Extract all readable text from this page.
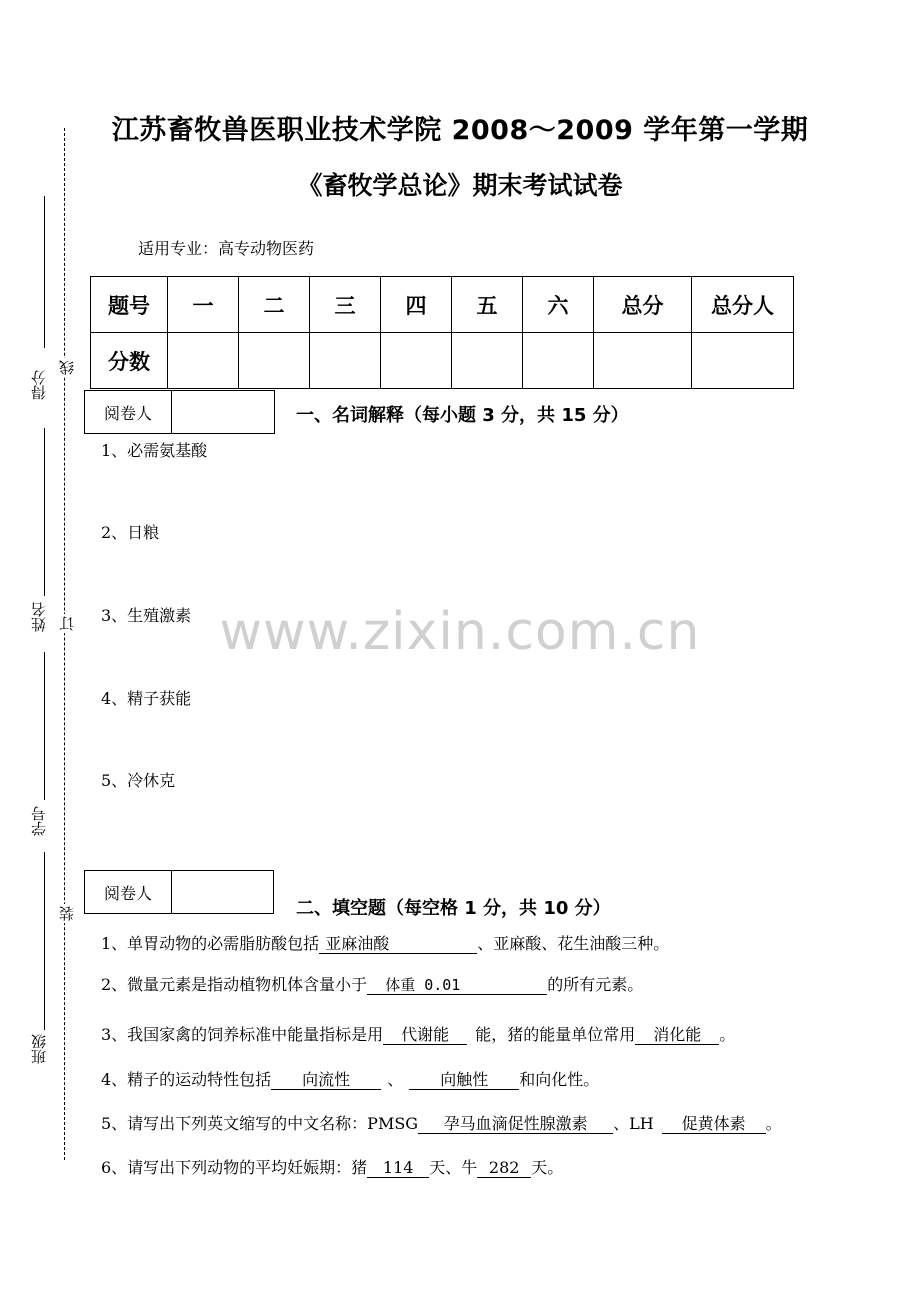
得分
线
姓名 订
学号
装
班级
江苏畜牧兽医职业技术学院 2008～2009 学年第一学期
《畜牧学总论》期末考试试卷
适用专业：高专动物医药
题号	一	二	三	四	五	六	总分	总分人
分数								
阅卷人	一、名词解释（每小题 3 分，共 15 分）
1、必需氨基酸
2、日粮
3、生殖激素
4、精子获能
5、冷休克
www.zixin.com.cn
阅卷人
二、填空题（每空格 1 分，共 10 分）
1、单胃动物的必需脂肪酸包括 亚麻油酸	、亚麻酸、花生油酸三种。
2、微量元素是指动植物机体含量小于 体重 0.01	的所有元素。
3、我国家禽的饲养标准中能量指标是用 代谢能 能，猪的能量单位常用 消化能 。
4、精子的运动特性包括 向流性 、 向触性 和向化性。
5、请写出下列英文缩写的中文名称：PMSG 孕马血滴促性腺激素 、LH 促黄体素 。
6、请写出下列动物的平均妊娠期：猪 114 天、牛 282 天。
